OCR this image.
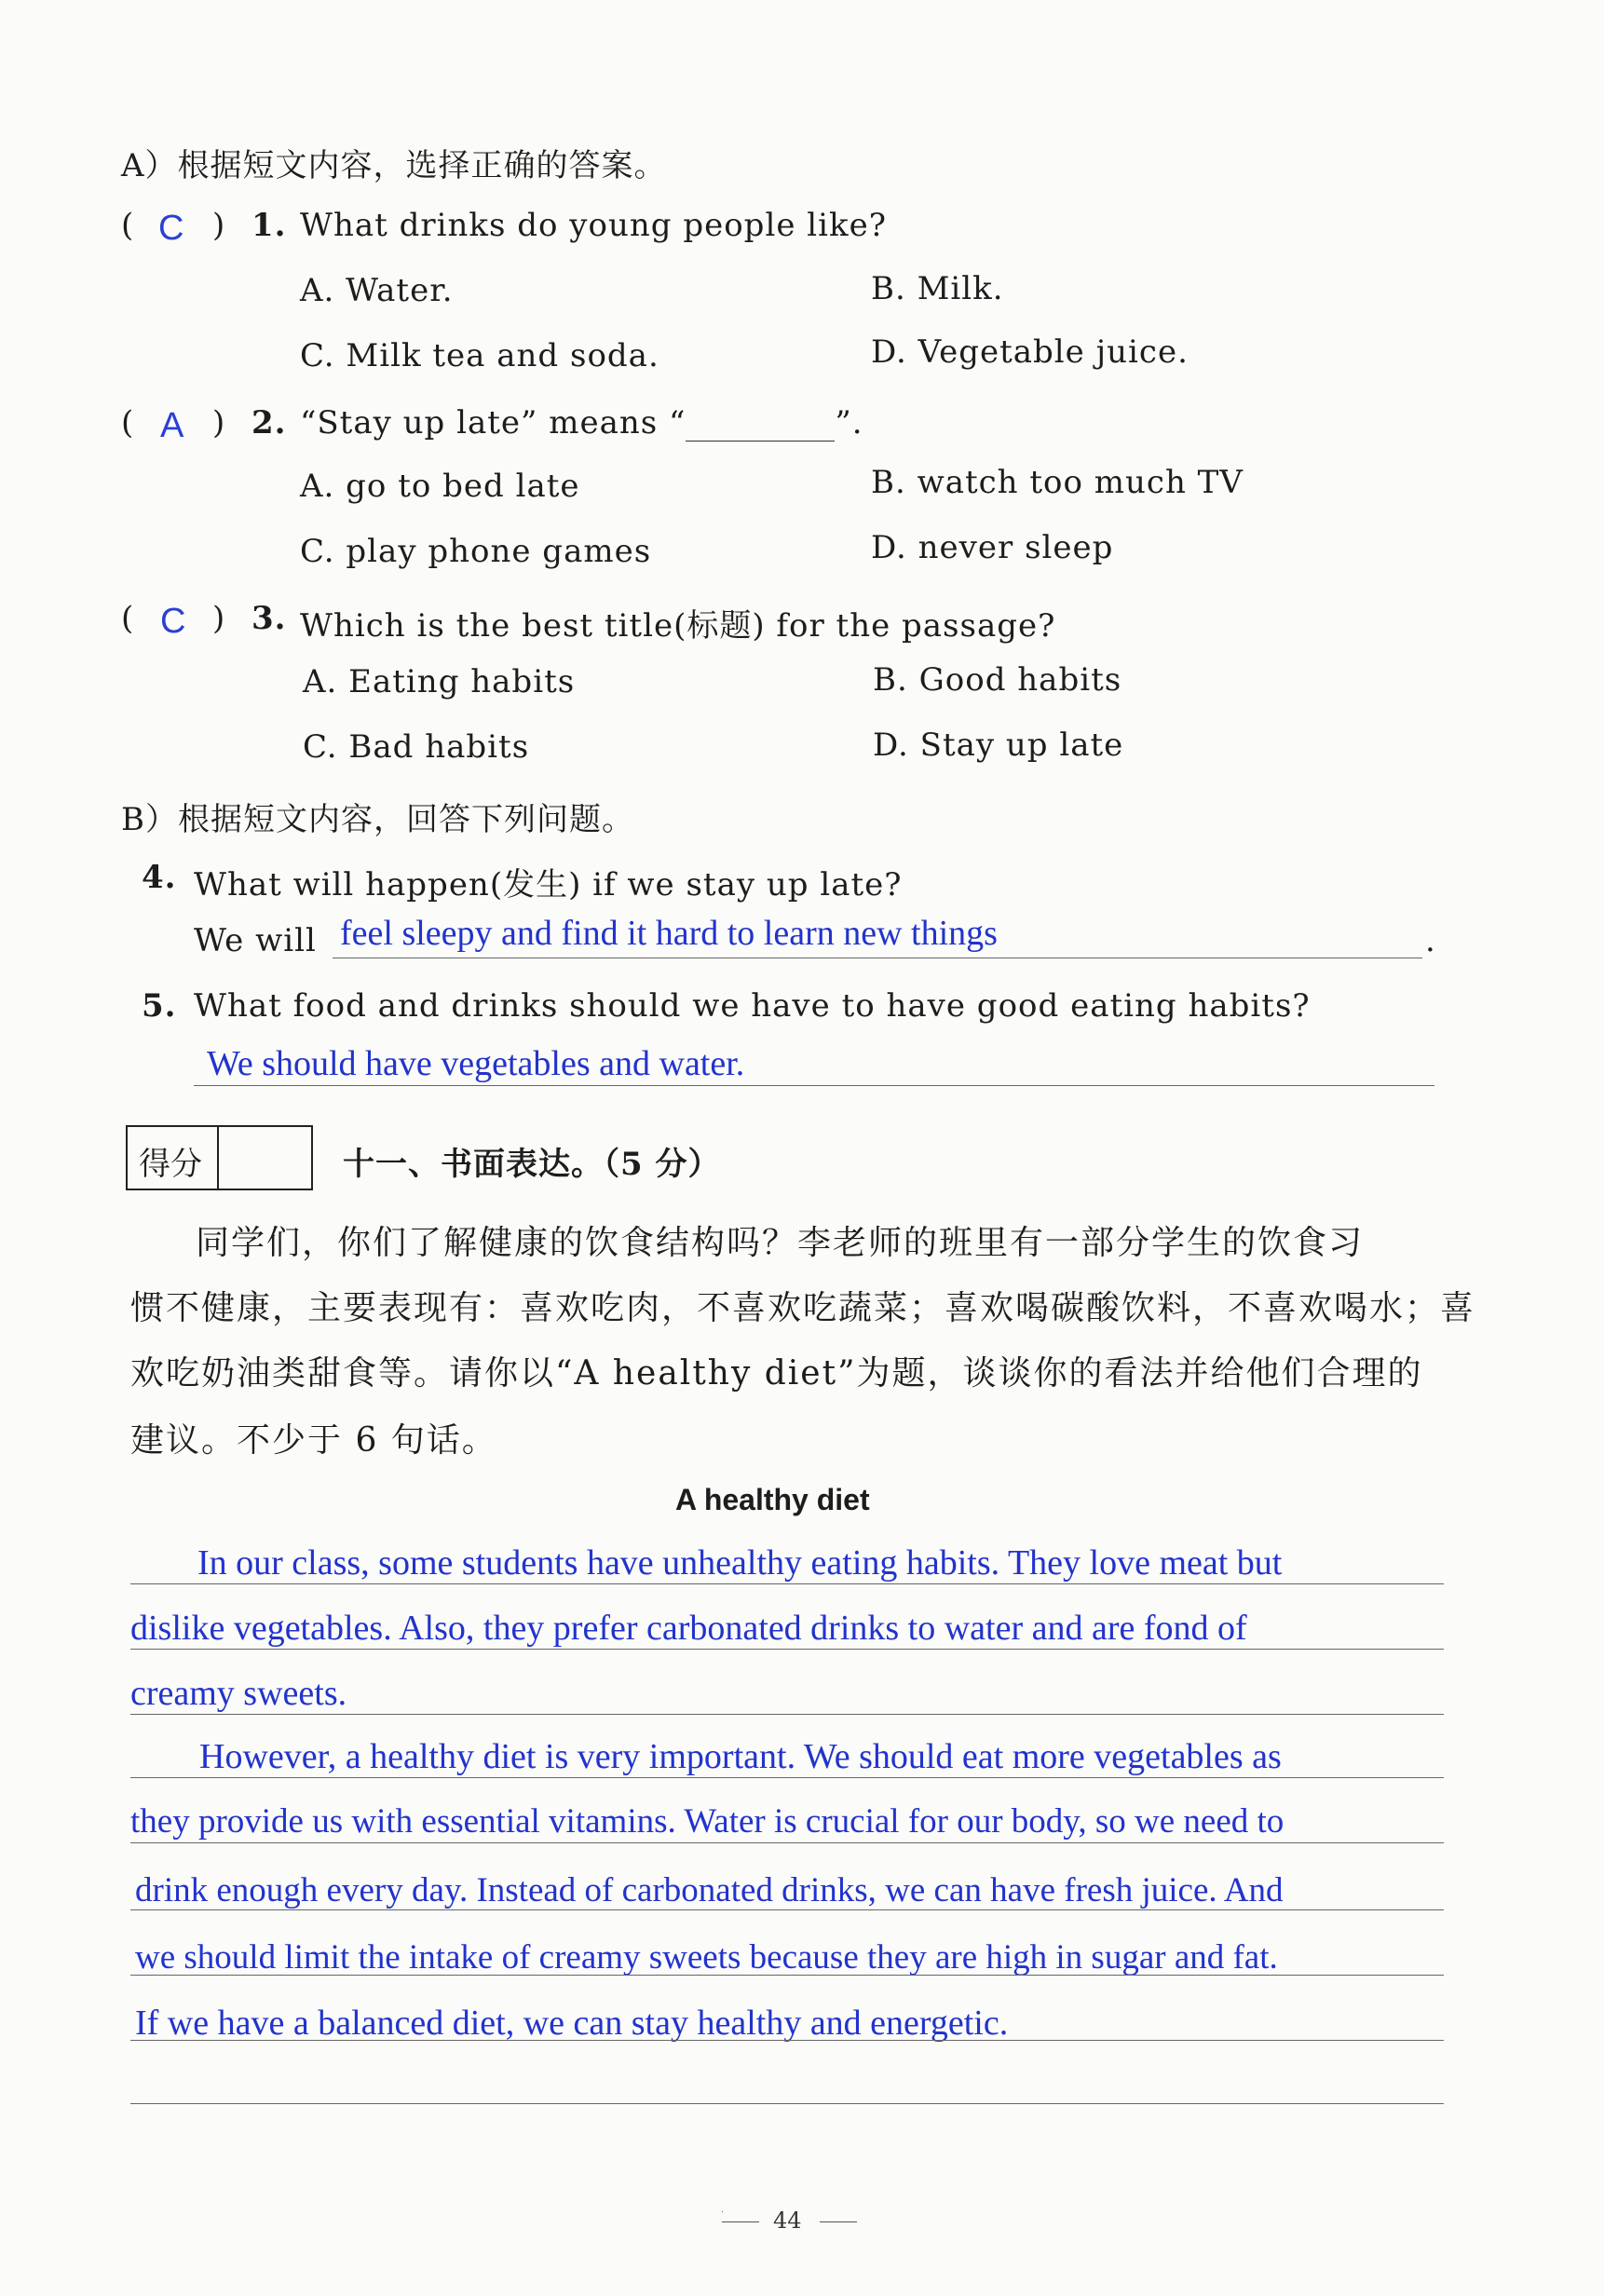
A）根据短文内容，选择正确的答案。
( C ) 1. What drinks do young people like?
A. Water.	B. Milk.
C. Milk tea and soda.	D. Vegetable juice.
( A ) 2. “Stay up late” means “	”.
A. go to bed late	B. watch too much TV
C. play phone games	D. never sleep
( C ) 3. Which is the best title(标题) for the passage?
A. Eating habits	B. Good habits
C. Bad habits	D. Stay up late
B）根据短文内容，回答下列问题。
4. What will happen(发生) if we stay up late?
We will feel sleepy and find it hard to learn new things	.
5. What food and drinks should we have to have good eating habits?
We should have vegetables and water.
得分	十一、书面表达。（5 分）
同学们，你们了解健康的饮食结构吗？李老师的班里有一部分学生的饮食习
惯不健康，主要表现有：喜欢吃肉，不喜欢吃蔬菜；喜欢喝碳酸饮料，不喜欢喝水；喜
欢吃奶油类甜食等。请你以“A healthy diet”为题，谈谈你的看法并给他们合理的
建议。不少于 6 句话。
A healthy diet
In our class, some students have unhealthy eating habits. They love meat but
dislike vegetables. Also, they prefer carbonated drinks to water and are fond of
creamy sweets.
However, a healthy diet is very important. We should eat more vegetables as
they provide us with essential vitamins. Water is crucial for our body, so we need to
drink enough every day. Instead of carbonated drinks, we can have fresh juice. And
we should limit the intake of creamy sweets because they are high in sugar and fat.
If we have a balanced diet, we can stay healthy and energetic.
44
